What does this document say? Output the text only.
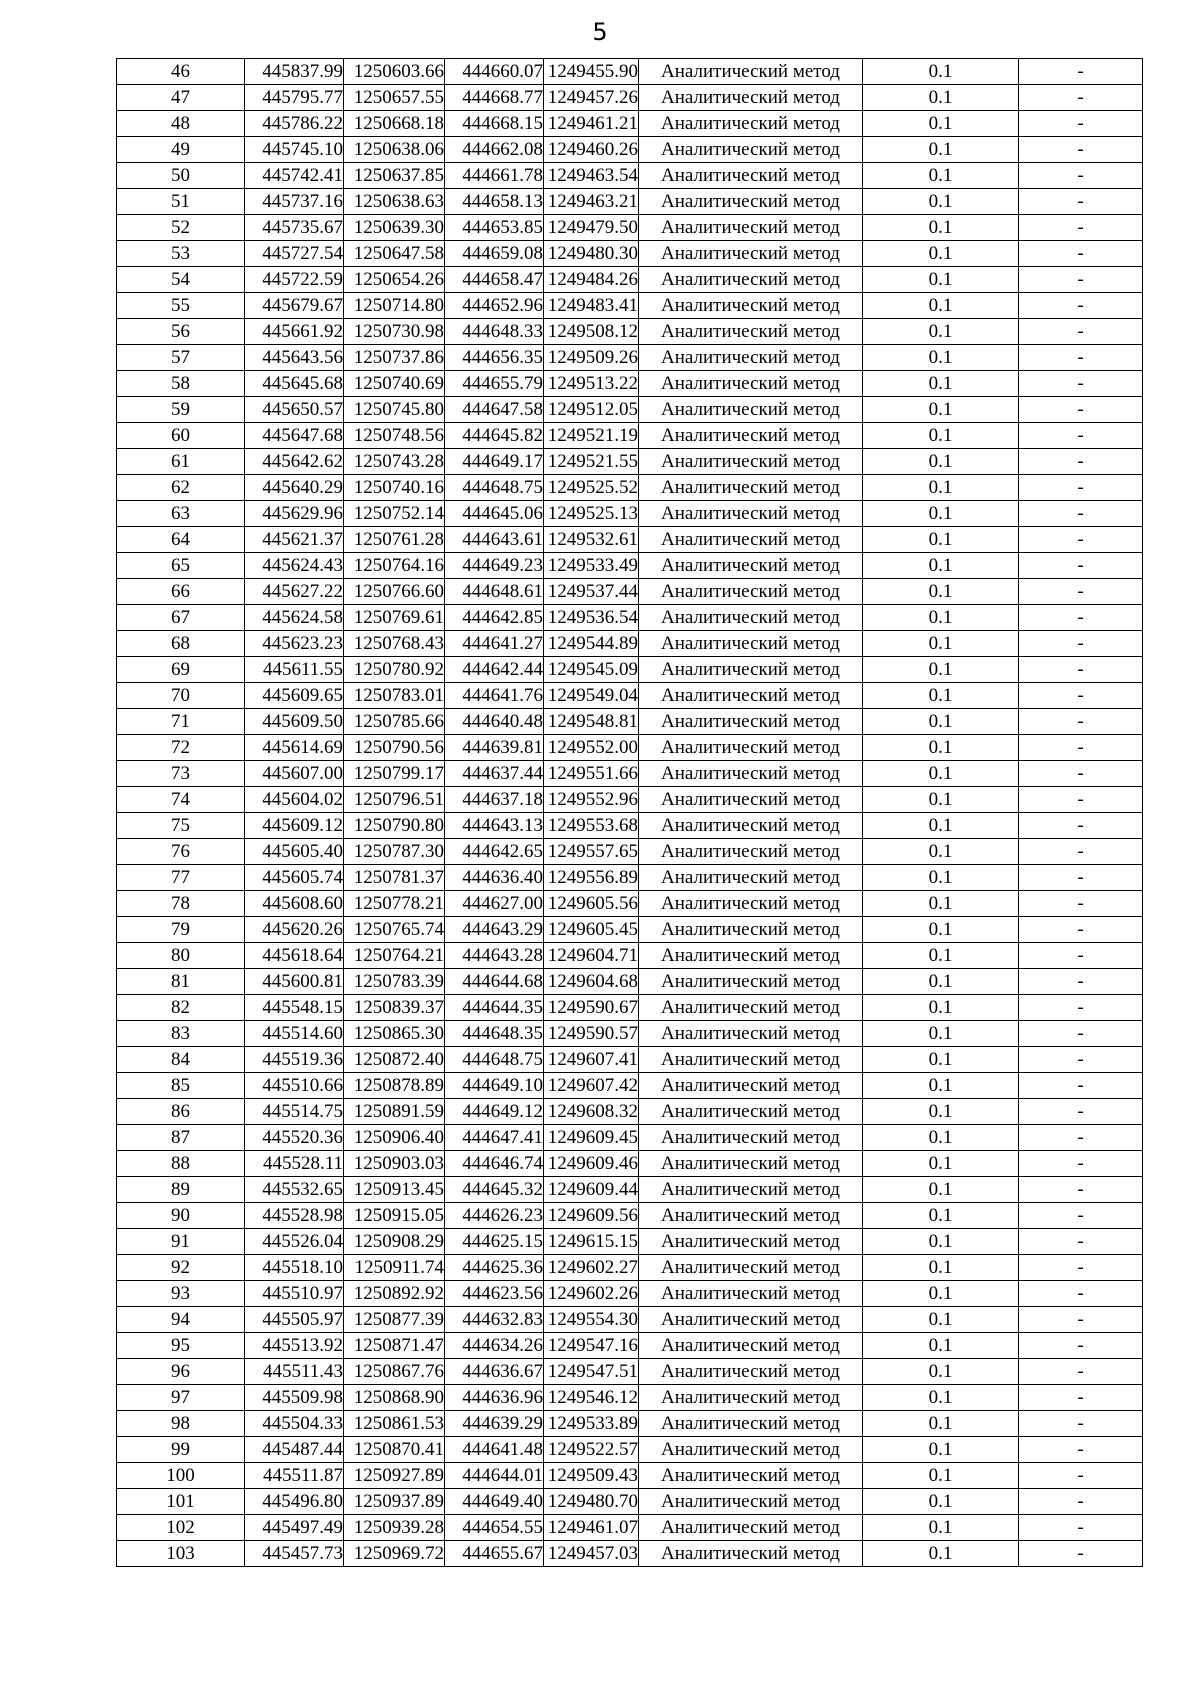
5
46	445837.99	1250603.66	444660.07	1249455.90	Аналитический метод	0.1	-
47	445795.77	1250657.55	444668.77	1249457.26	Аналитический метод	0.1	-
48	445786.22	1250668.18	444668.15	1249461.21	Аналитический метод	0.1	-
49	445745.10	1250638.06	444662.08	1249460.26	Аналитический метод	0.1	-
50	445742.41	1250637.85	444661.78	1249463.54	Аналитический метод	0.1	-
51	445737.16	1250638.63	444658.13	1249463.21	Аналитический метод	0.1	-
52	445735.67	1250639.30	444653.85	1249479.50	Аналитический метод	0.1	-
53	445727.54	1250647.58	444659.08	1249480.30	Аналитический метод	0.1	-
54	445722.59	1250654.26	444658.47	1249484.26	Аналитический метод	0.1	-
55	445679.67	1250714.80	444652.96	1249483.41	Аналитический метод	0.1	-
56	445661.92	1250730.98	444648.33	1249508.12	Аналитический метод	0.1	-
57	445643.56	1250737.86	444656.35	1249509.26	Аналитический метод	0.1	-
58	445645.68	1250740.69	444655.79	1249513.22	Аналитический метод	0.1	-
59	445650.57	1250745.80	444647.58	1249512.05	Аналитический метод	0.1	-
60	445647.68	1250748.56	444645.82	1249521.19	Аналитический метод	0.1	-
61	445642.62	1250743.28	444649.17	1249521.55	Аналитический метод	0.1	-
62	445640.29	1250740.16	444648.75	1249525.52	Аналитический метод	0.1	-
63	445629.96	1250752.14	444645.06	1249525.13	Аналитический метод	0.1	-
64	445621.37	1250761.28	444643.61	1249532.61	Аналитический метод	0.1	-
65	445624.43	1250764.16	444649.23	1249533.49	Аналитический метод	0.1	-
66	445627.22	1250766.60	444648.61	1249537.44	Аналитический метод	0.1	-
67	445624.58	1250769.61	444642.85	1249536.54	Аналитический метод	0.1	-
68	445623.23	1250768.43	444641.27	1249544.89	Аналитический метод	0.1	-
69	445611.55	1250780.92	444642.44	1249545.09	Аналитический метод	0.1	-
70	445609.65	1250783.01	444641.76	1249549.04	Аналитический метод	0.1	-
71	445609.50	1250785.66	444640.48	1249548.81	Аналитический метод	0.1	-
72	445614.69	1250790.56	444639.81	1249552.00	Аналитический метод	0.1	-
73	445607.00	1250799.17	444637.44	1249551.66	Аналитический метод	0.1	-
74	445604.02	1250796.51	444637.18	1249552.96	Аналитический метод	0.1	-
75	445609.12	1250790.80	444643.13	1249553.68	Аналитический метод	0.1	-
76	445605.40	1250787.30	444642.65	1249557.65	Аналитический метод	0.1	-
77	445605.74	1250781.37	444636.40	1249556.89	Аналитический метод	0.1	-
78	445608.60	1250778.21	444627.00	1249605.56	Аналитический метод	0.1	-
79	445620.26	1250765.74	444643.29	1249605.45	Аналитический метод	0.1	-
80	445618.64	1250764.21	444643.28	1249604.71	Аналитический метод	0.1	-
81	445600.81	1250783.39	444644.68	1249604.68	Аналитический метод	0.1	-
82	445548.15	1250839.37	444644.35	1249590.67	Аналитический метод	0.1	-
83	445514.60	1250865.30	444648.35	1249590.57	Аналитический метод	0.1	-
84	445519.36	1250872.40	444648.75	1249607.41	Аналитический метод	0.1	-
85	445510.66	1250878.89	444649.10	1249607.42	Аналитический метод	0.1	-
86	445514.75	1250891.59	444649.12	1249608.32	Аналитический метод	0.1	-
87	445520.36	1250906.40	444647.41	1249609.45	Аналитический метод	0.1	-
88	445528.11	1250903.03	444646.74	1249609.46	Аналитический метод	0.1	-
89	445532.65	1250913.45	444645.32	1249609.44	Аналитический метод	0.1	-
90	445528.98	1250915.05	444626.23	1249609.56	Аналитический метод	0.1	-
91	445526.04	1250908.29	444625.15	1249615.15	Аналитический метод	0.1	-
92	445518.10	1250911.74	444625.36	1249602.27	Аналитический метод	0.1	-
93	445510.97	1250892.92	444623.56	1249602.26	Аналитический метод	0.1	-
94	445505.97	1250877.39	444632.83	1249554.30	Аналитический метод	0.1	-
95	445513.92	1250871.47	444634.26	1249547.16	Аналитический метод	0.1	-
96	445511.43	1250867.76	444636.67	1249547.51	Аналитический метод	0.1	-
97	445509.98	1250868.90	444636.96	1249546.12	Аналитический метод	0.1	-
98	445504.33	1250861.53	444639.29	1249533.89	Аналитический метод	0.1	-
99	445487.44	1250870.41	444641.48	1249522.57	Аналитический метод	0.1	-
100	445511.87	1250927.89	444644.01	1249509.43	Аналитический метод	0.1	-
101	445496.80	1250937.89	444649.40	1249480.70	Аналитический метод	0.1	-
102	445497.49	1250939.28	444654.55	1249461.07	Аналитический метод	0.1	-
103	445457.73	1250969.72	444655.67	1249457.03	Аналитический метод	0.1	-
